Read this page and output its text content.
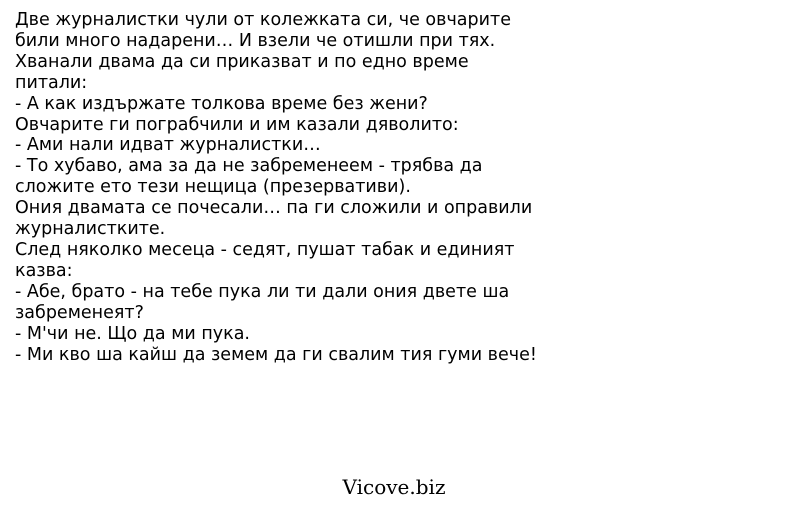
Две журналистки чули от колежката си, че овчарите
били много надарени… И взели че отишли при тях.
Хванали двама да си приказват и по едно време
питали:
- А как издържате толкова време без жени?
Овчарите ги пограбчили и им казали дяволито:
- Ами нали идват журналистки…
- То хубаво, ама за да не забременеем - трябва да
сложите ето тези нещица (презервативи).
Ония двамата се почесали… па ги сложили и оправили
журналистките.
След няколко месеца - седят, пушат табак и единият
казва:
- Абе, брато - на тебе пука ли ти дали ония двете ша
забременеят?
- М'чи не. Що да ми пука.
- Ми кво ша кайш да земем да ги свалим тия гуми вече!
Vicove.biz
